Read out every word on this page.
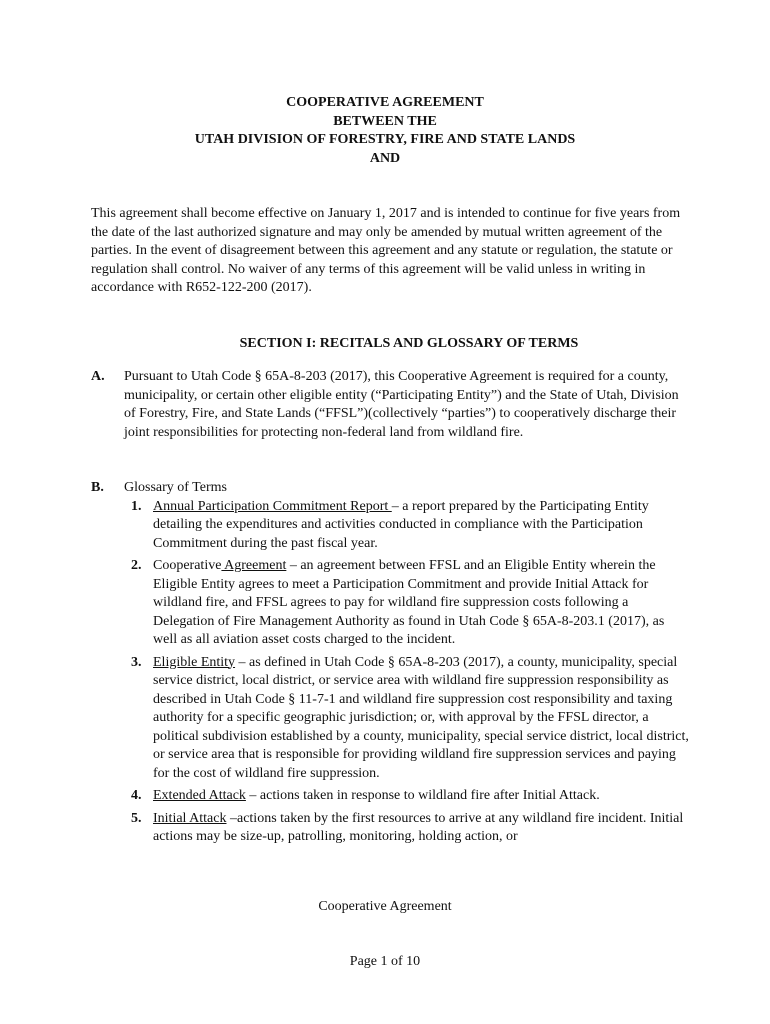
COOPERATIVE AGREEMENT
BETWEEN THE
UTAH DIVISION OF FORESTRY, FIRE AND STATE LANDS
AND

This agreement shall become effective on January 1, 2017 and is intended to continue for five years from the date of the last authorized signature and may only be amended by mutual written agreement of the parties. In the event of disagreement between this agreement and any statute or regulation, the statute or regulation shall control. No waiver of any terms of this agreement will be valid unless in writing in accordance with R652-122-200 (2017).

SECTION I: RECITALS AND GLOSSARY OF TERMS
A. Pursuant to Utah Code § 65A-8-203 (2017), this Cooperative Agreement is required for a county, municipality, or certain other eligible entity (“Participating Entity”) and the State of Utah, Division of Forestry, Fire, and State Lands (“FFSL”)(collectively “parties”) to cooperatively discharge their joint responsibilities for protecting non-federal land from wildland fire.
B. Glossary of Terms
1. Annual Participation Commitment Report – a report prepared by the Participating Entity detailing the expenditures and activities conducted in compliance with the Participation Commitment during the past fiscal year.
2. Cooperative Agreement – an agreement between FFSL and an Eligible Entity wherein the Eligible Entity agrees to meet a Participation Commitment and provide Initial Attack for wildland fire, and FFSL agrees to pay for wildland fire suppression costs following a Delegation of Fire Management Authority as found in Utah Code § 65A-8-203.1 (2017), as well as all aviation asset costs charged to the incident.
3. Eligible Entity – as defined in Utah Code § 65A-8-203 (2017), a county, municipality, special service district, local district, or service area with wildland fire suppression responsibility as described in Utah Code § 11-7-1 and wildland fire suppression cost responsibility and taxing authority for a specific geographic jurisdiction; or, with approval by the FFSL director, a political subdivision established by a county, municipality, special service district, local district, or service area that is responsible for providing wildland fire suppression services and paying for the cost of wildland fire suppression.
4. Extended Attack – actions taken in response to wildland fire after Initial Attack.
5. Initial Attack –actions taken by the first resources to arrive at any wildland fire incident. Initial actions may be size-up, patrolling, monitoring, holding action, or
Cooperative Agreement
Page 1 of 10
